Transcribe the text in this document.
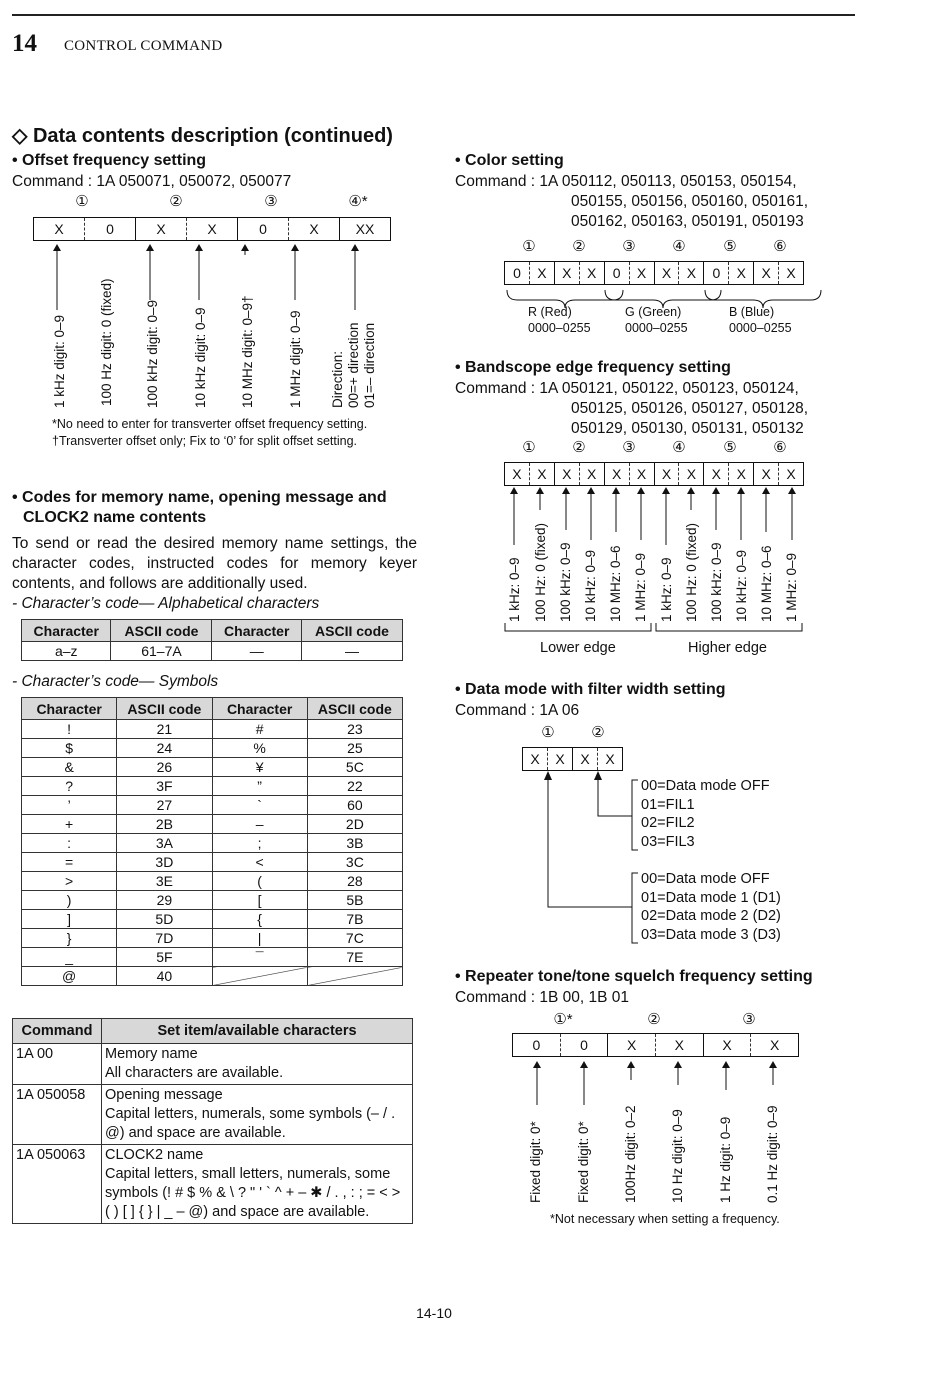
14 CONTROL COMMAND
◇ Data contents description (continued)
• Offset frequency setting
Command : 1A 050071, 050072, 050077
①	②	③	④*
X	0	X	X	0	X	XX
1 kHz digit: 0–9 100 Hz digit: 0 (fixed) 100 kHz digit: 0–9 10 kHz digit: 0–9 10 MHz digit: 0–9† 1 MHz digit: 0–9 Direction: 00=+ direction 01=– direction
*No need to enter for transverter offset frequency setting.
†Transverter offset only; Fix to ‘0’ for split offset setting.
• Codes for memory name, opening message and
CLOCK2 name contents
To send or read the desired memory name settings, the character codes, instructed codes for memory keyer contents, and follows are additionally used.
- Character’s code— Alphabetical characters
Character	ASCII code	Character	ASCII code
a–z	61–7A	—	—
- Character’s code— Symbols
Character	ASCII code	Character	ASCII code
!	21	#	23
$	24	%	25
&	26	¥	5C
?	3F	”	22
’	27	`	60
+	2B	–	2D
:	3A	;	3B
=	3D	<	3C
>	3E	(	28
)	29	[	5B
]	5D	{	7B
}	7D	|	7C
_	5F	¯	7E
@	40		
Command	Set item/available characters
1A 00	Memory name
All characters are available.

1A 050058	Opening message
Capital letters, numerals, some symbols (– / . @) and space are available.

1A 050063	CLOCK2 name
Capital letters, small letters, numerals, some symbols (! # $ % & \ ? " ' ` ^ + – ✱ / . , : ; = < > ( ) [ ] { } | _ – @) and space are available.
• Color setting
Command : 1A 050112, 050113, 050153, 050154,
050155, 050156, 050160, 050161,
050162, 050163, 050191, 050193
① ② ③ ④	⑤ ⑥
0	X	X	X	0	X	X	X	0	X	X	X
R (Red)
0000–0255
G (Green)
0000–0255
B (Blue)
0000–0255
• Bandscope edge frequency setting
Command : 1A 050121, 050122, 050123, 050124,
050125, 050126, 050127, 050128,
050129, 050130, 050131, 050132
① ② ③ ④	⑤ ⑥
X	X	X	X	X	X	X	X	X	X	X	X
1 kHz: 0–9 100 Hz: 0 (fixed) 100 kHz: 0–9 10 kHz: 0–9 10 MHz: 0–6 1 MHz: 0–9 1 kHz: 0–9 100 Hz: 0 (fixed) 100 kHz: 0–9 10 kHz: 0–9 10 MHz: 0–6 1 MHz: 0–9
Lower edge	Higher edge
• Data mode with filter width setting
Command : 1A 06
① ②
X	X	X	X
00=Data mode OFF
01=FIL1
02=FIL2
03=FIL3
00=Data mode OFF
01=Data mode 1 (D1)
02=Data mode 2 (D2)
03=Data mode 3 (D3)
• Repeater tone/tone squelch frequency setting
Command : 1B 00, 1B 01
①*	②	③
0	0	X	X	X	X
Fixed digit: 0* Fixed digit: 0* 100Hz digit: 0–2 10 Hz digit: 0–9 1 Hz digit: 0–9 0.1 Hz digit: 0–9
*Not necessary when setting a frequency.
14-10
